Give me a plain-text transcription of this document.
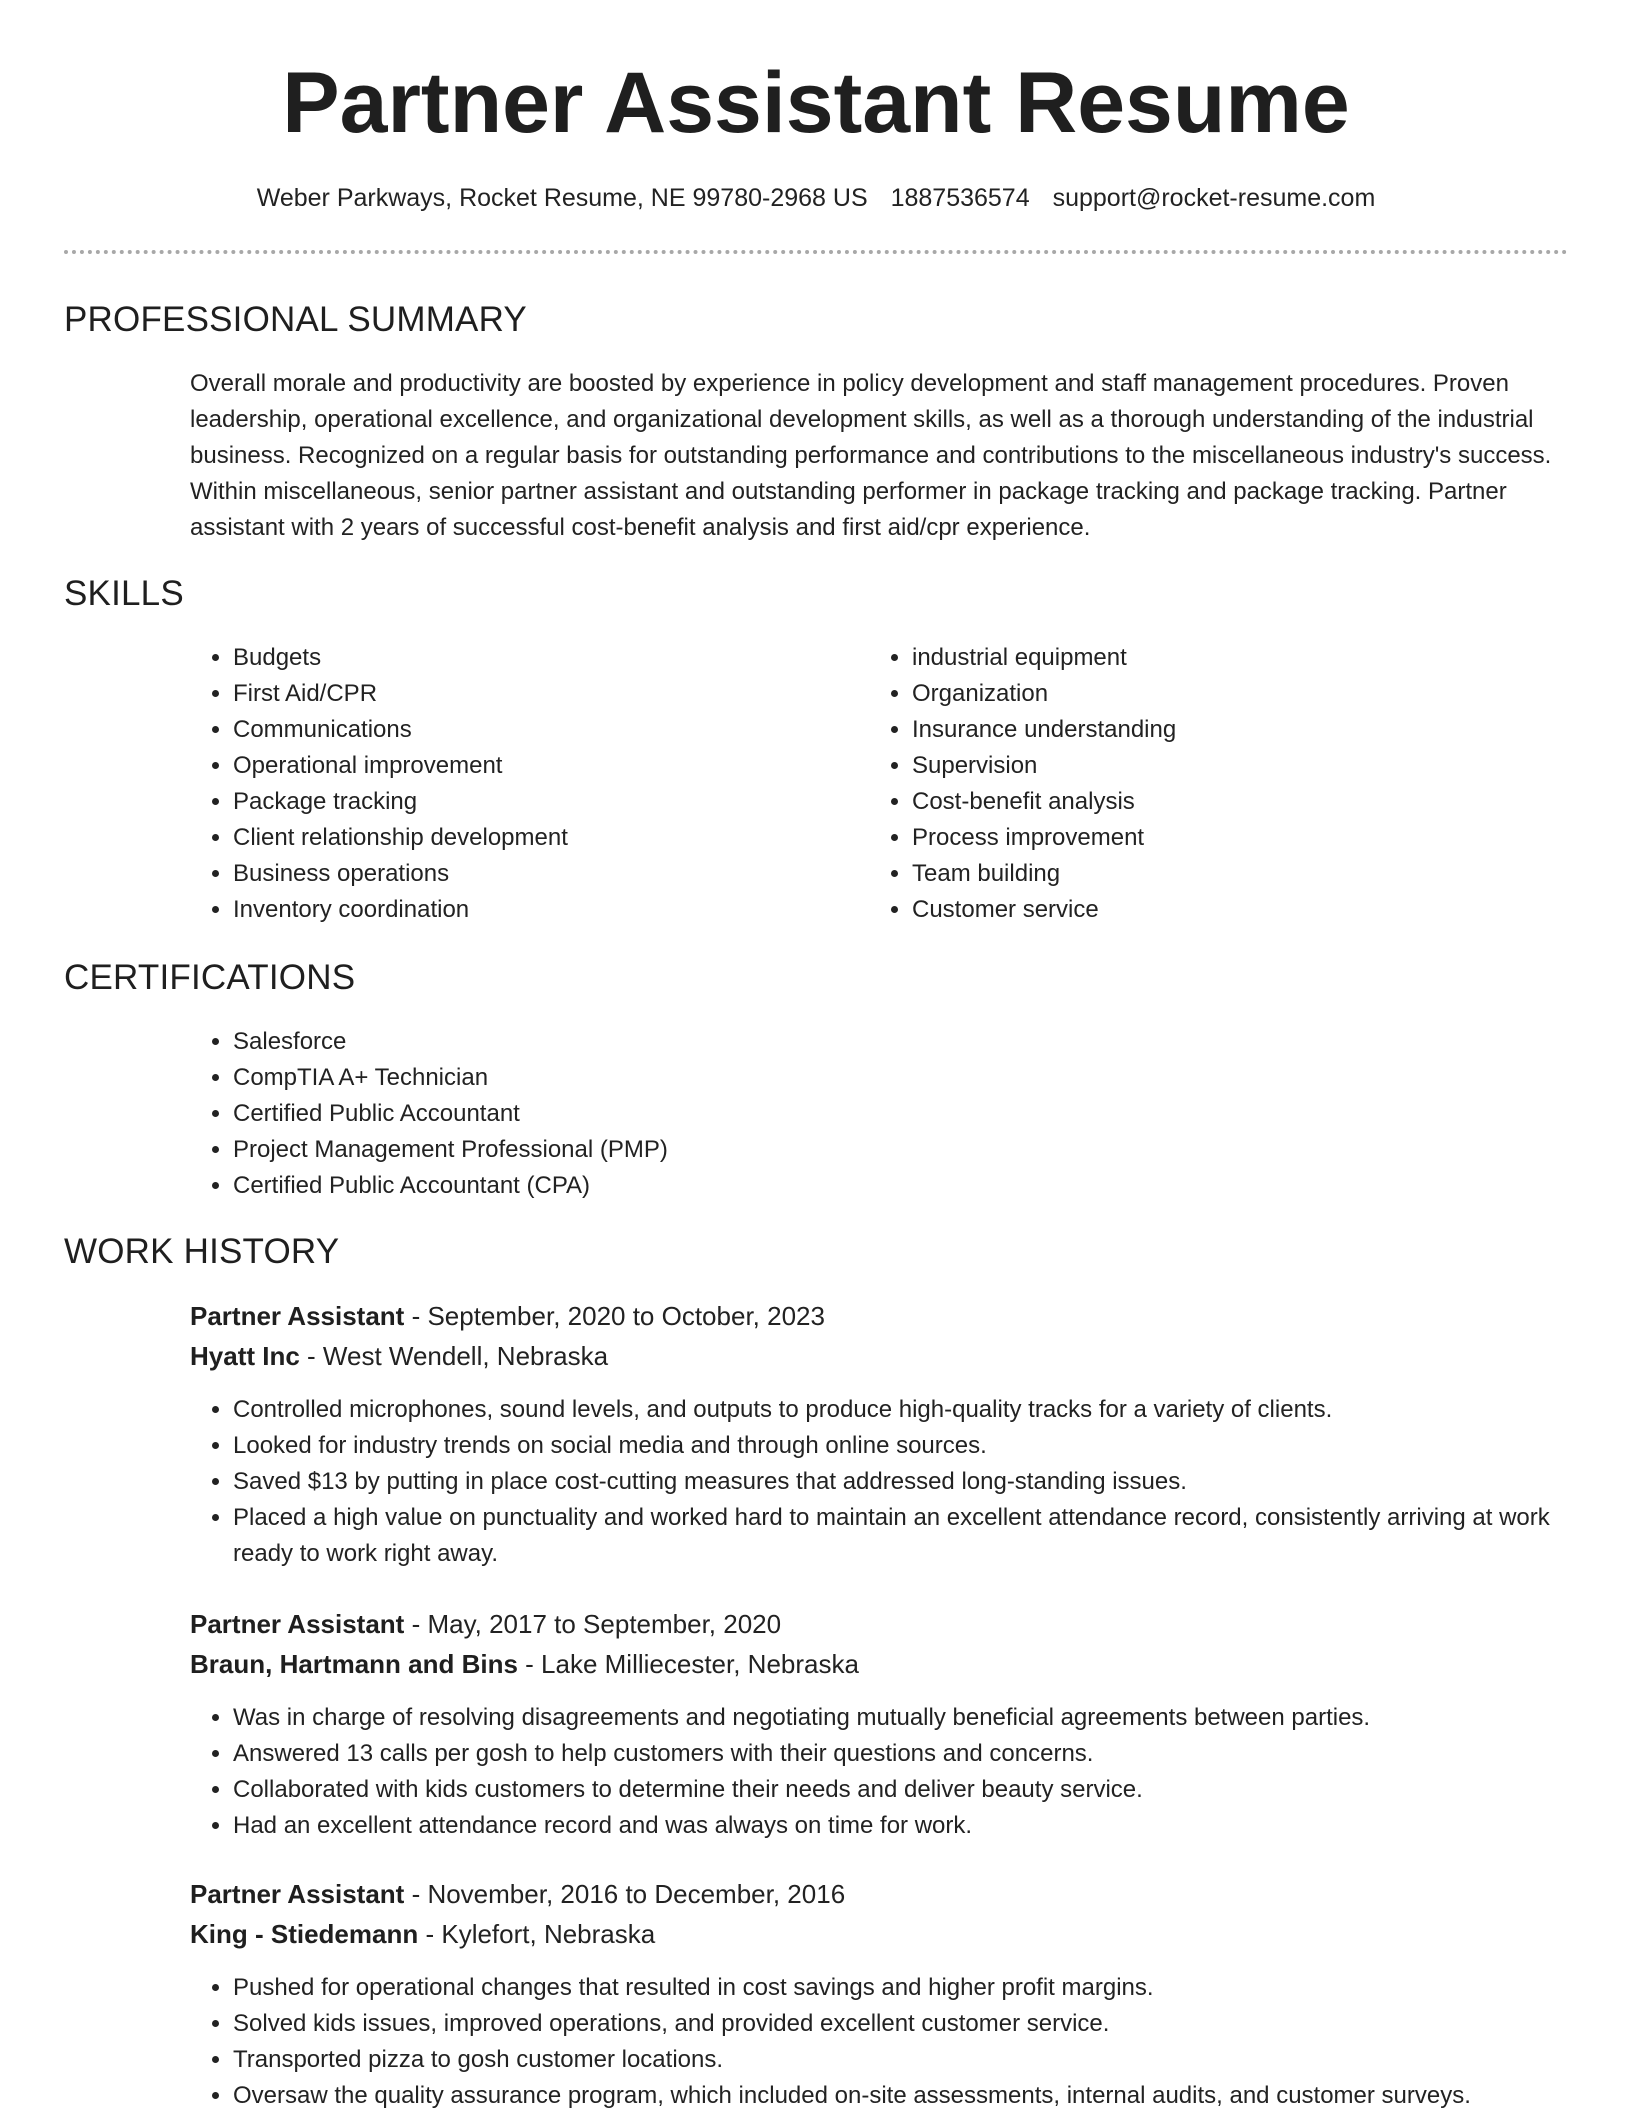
Partner Assistant Resume
Weber Parkways, Rocket Resume, NE 99780-2968 US 1887536574 support@rocket-resume.com
PROFESSIONAL SUMMARY

Overall morale and productivity are boosted by experience in policy development and staff management procedures. Proven leadership, operational excellence, and organizational development skills, as well as a thorough understanding of the industrial business. Recognized on a regular basis for outstanding performance and contributions to the miscellaneous industry's success. Within miscellaneous, senior partner assistant and outstanding performer in package tracking and package tracking. Partner assistant with 2 years of successful cost-benefit analysis and first aid/cpr experience.

SKILLS
• Budgets
• First Aid/CPR
• Communications
• Operational improvement
• Package tracking
• Client relationship development
• Business operations
• Inventory coordination
• industrial equipment
• Organization
• Insurance understanding
• Supervision
• Cost-benefit analysis
• Process improvement
• Team building
• Customer service
CERTIFICATIONS
• Salesforce
• CompTIA A+ Technician
• Certified Public Accountant
• Project Management Professional (PMP)
• Certified Public Accountant (CPA)
WORK HISTORY
Partner Assistant - September, 2020 to October, 2023
Hyatt Inc - West Wendell, Nebraska
• Controlled microphones, sound levels, and outputs to produce high-quality tracks for a variety of clients.
• Looked for industry trends on social media and through online sources.
• Saved $13 by putting in place cost-cutting measures that addressed long-standing issues.
• Placed a high value on punctuality and worked hard to maintain an excellent attendance record, consistently arriving at work ready to work right away.
Partner Assistant - May, 2017 to September, 2020
Braun, Hartmann and Bins - Lake Milliecester, Nebraska
• Was in charge of resolving disagreements and negotiating mutually beneficial agreements between parties.
• Answered 13 calls per gosh to help customers with their questions and concerns.
• Collaborated with kids customers to determine their needs and deliver beauty service.
• Had an excellent attendance record and was always on time for work.
Partner Assistant - November, 2016 to December, 2016
King - Stiedemann - Kylefort, Nebraska
• Pushed for operational changes that resulted in cost savings and higher profit margins.
• Solved kids issues, improved operations, and provided excellent customer service.
• Transported pizza to gosh customer locations.
• Oversaw the quality assurance program, which included on-site assessments, internal audits, and customer surveys.
